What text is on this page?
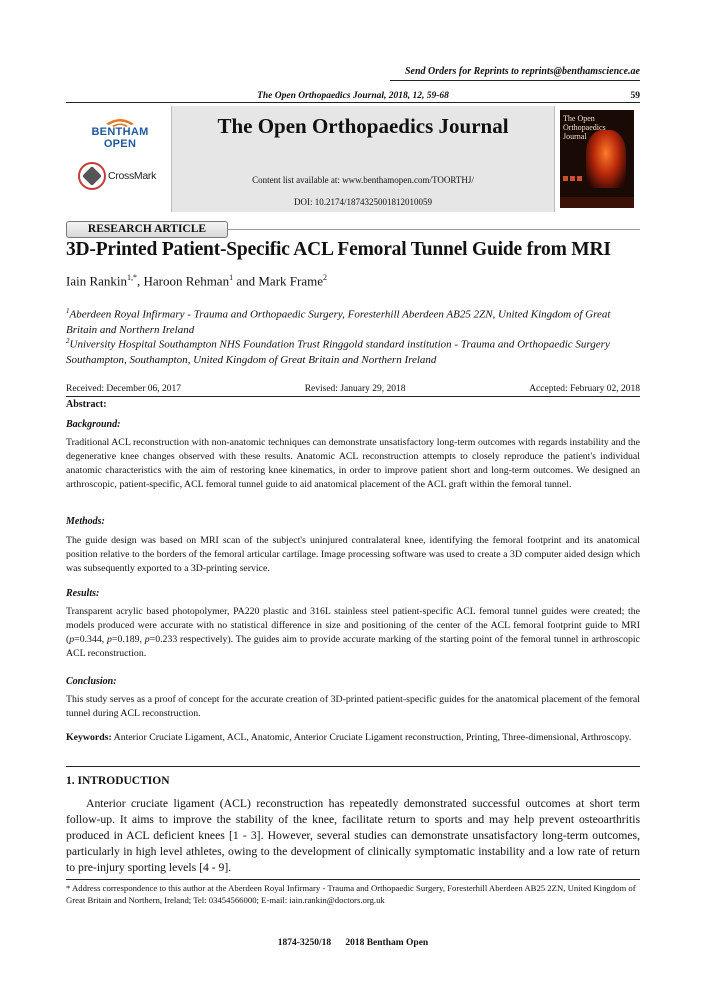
Send Orders for Reprints to reprints@benthamscience.ae
The Open Orthopaedics Journal, 2018, 12, 59-68	59
BENTHAM OPEN
CrossMark
The Open Orthopaedics Journal
Content list available at: www.benthamopen.com/TOORTHJ/
DOI: 10.2174/1874325001812010059
The Open Orthopaedics Journal
RESEARCH ARTICLE
3D-Printed Patient-Specific ACL Femoral Tunnel Guide from MRI
Iain Rankin$^{1,*}$, Haroon Rehman$^1$ and Mark Frame$^2$
$^1$Aberdeen Royal Infirmary - Trauma and Orthopaedic Surgery, Foresterhill Aberdeen AB25 2ZN, United Kingdom of Great Britain and Northern Ireland
$^2$University Hospital Southampton NHS Foundation Trust Ringgold standard institution - Trauma and Orthopaedic Surgery Southampton, Southampton, United Kingdom of Great Britain and Northern Ireland
Received: December 06, 2017	Revised: January 29, 2018	Accepted: February 02, 2018
Abstract:
Background:

Traditional ACL reconstruction with non-anatomic techniques can demonstrate unsatisfactory long-term outcomes with regards instability and the degenerative knee changes observed with these results. Anatomic ACL reconstruction attempts to closely reproduce the patient's individual anatomic characteristics with the aim of restoring knee kinematics, in order to improve patient short and long-term outcomes. We designed an arthroscopic, patient-specific, ACL femoral tunnel guide to aid anatomical placement of the ACL graft within the femoral tunnel.

Methods:

The guide design was based on MRI scan of the subject's uninjured contralateral knee, identifying the femoral footprint and its anatomical position relative to the borders of the femoral articular cartilage. Image processing software was used to create a 3D computer aided design which was subsequently exported to a 3D-printing service.

Results:

Transparent acrylic based photopolymer, PA220 plastic and 316L stainless steel patient-specific ACL femoral tunnel guides were created; the models produced were accurate with no statistical difference in size and positioning of the center of the ACL femoral footprint guide to MRI (p=0.344, p=0.189, p=0.233 respectively). The guides aim to provide accurate marking of the starting point of the femoral tunnel in arthroscopic ACL reconstruction.

Conclusion:

This study serves as a proof of concept for the accurate creation of 3D-printed patient-specific guides for the anatomical placement of the femoral tunnel during ACL reconstruction.

Keywords: Anterior Cruciate Ligament, ACL, Anatomic, Anterior Cruciate Ligament reconstruction, Printing, Three-dimensional, Arthroscopy.

1. INTRODUCTION

Anterior cruciate ligament (ACL) reconstruction has repeatedly demonstrated successful outcomes at short term follow-up. It aims to improve the stability of the knee, facilitate return to sports and may help prevent osteoarthritis produced in ACL deficient knees [1 - 3]. However, several studies can demonstrate unsatisfactory long-term outcomes, particularly in high level athletes, owing to the development of clinically symptomatic instability and a low rate of return to pre-injury sporting levels [4 - 9].

* Address correspondence to this author at the Aberdeen Royal Infirmary - Trauma and Orthopaedic Surgery, Foresterhill Aberdeen AB25 2ZN, United Kingdom of Great Britain and Northern, Ireland; Tel: 03454566000; E-mail: iain.rankin@doctors.org.uk

1874-3250/18 2018 Bentham Open
